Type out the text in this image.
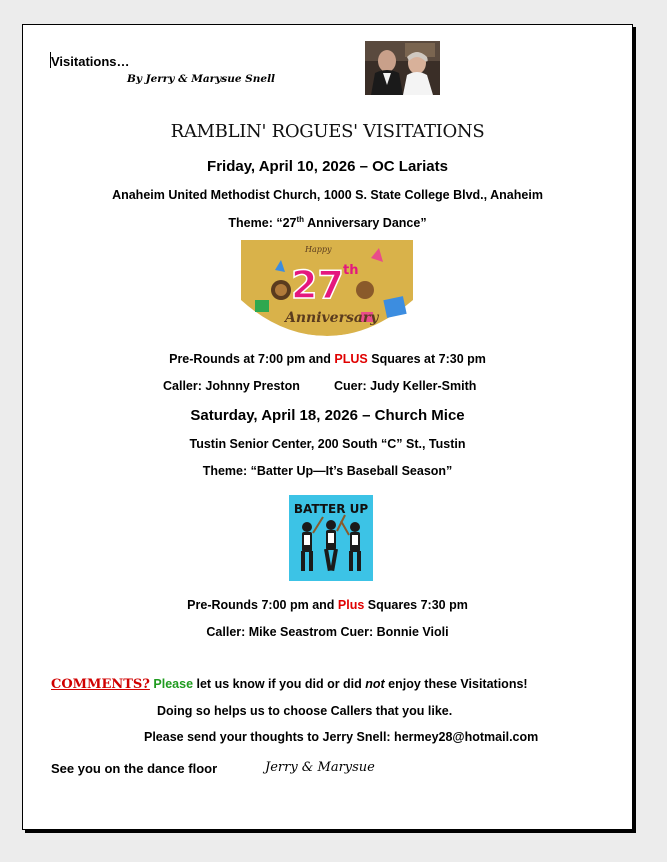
Visitations…
By Jerry & Marysue Snell
RAMBLIN' ROGUES' VISITATIONS
Friday, April 10, 2026 – OC Lariats
Anaheim United Methodist Church, 1000 S. State College Blvd., Anaheim
Theme: “27th Anniversary Dance”
Happy
27 th
Anniversary
Pre-Rounds at 7:00 pm and PLUS Squares at 7:30 pm
Caller: Johnny Preston	Cuer: Judy Keller-Smith
Saturday, April 18, 2026 – Church Mice
Tustin Senior Center, 200 South “C” St., Tustin
Theme: “Batter Up—It’s Baseball Season”
BATTER UP
Pre-Rounds 7:00 pm and Plus Squares 7:30 pm
Caller: Mike Seastrom Cuer: Bonnie Violi
COMMENTS? Please let us know if you did or did not enjoy these Visitations!
Doing so helps us to choose Callers that you like.
Please send your thoughts to Jerry Snell: hermey28@hotmail.com
See you on the dance floor	Jerry & Marysue
